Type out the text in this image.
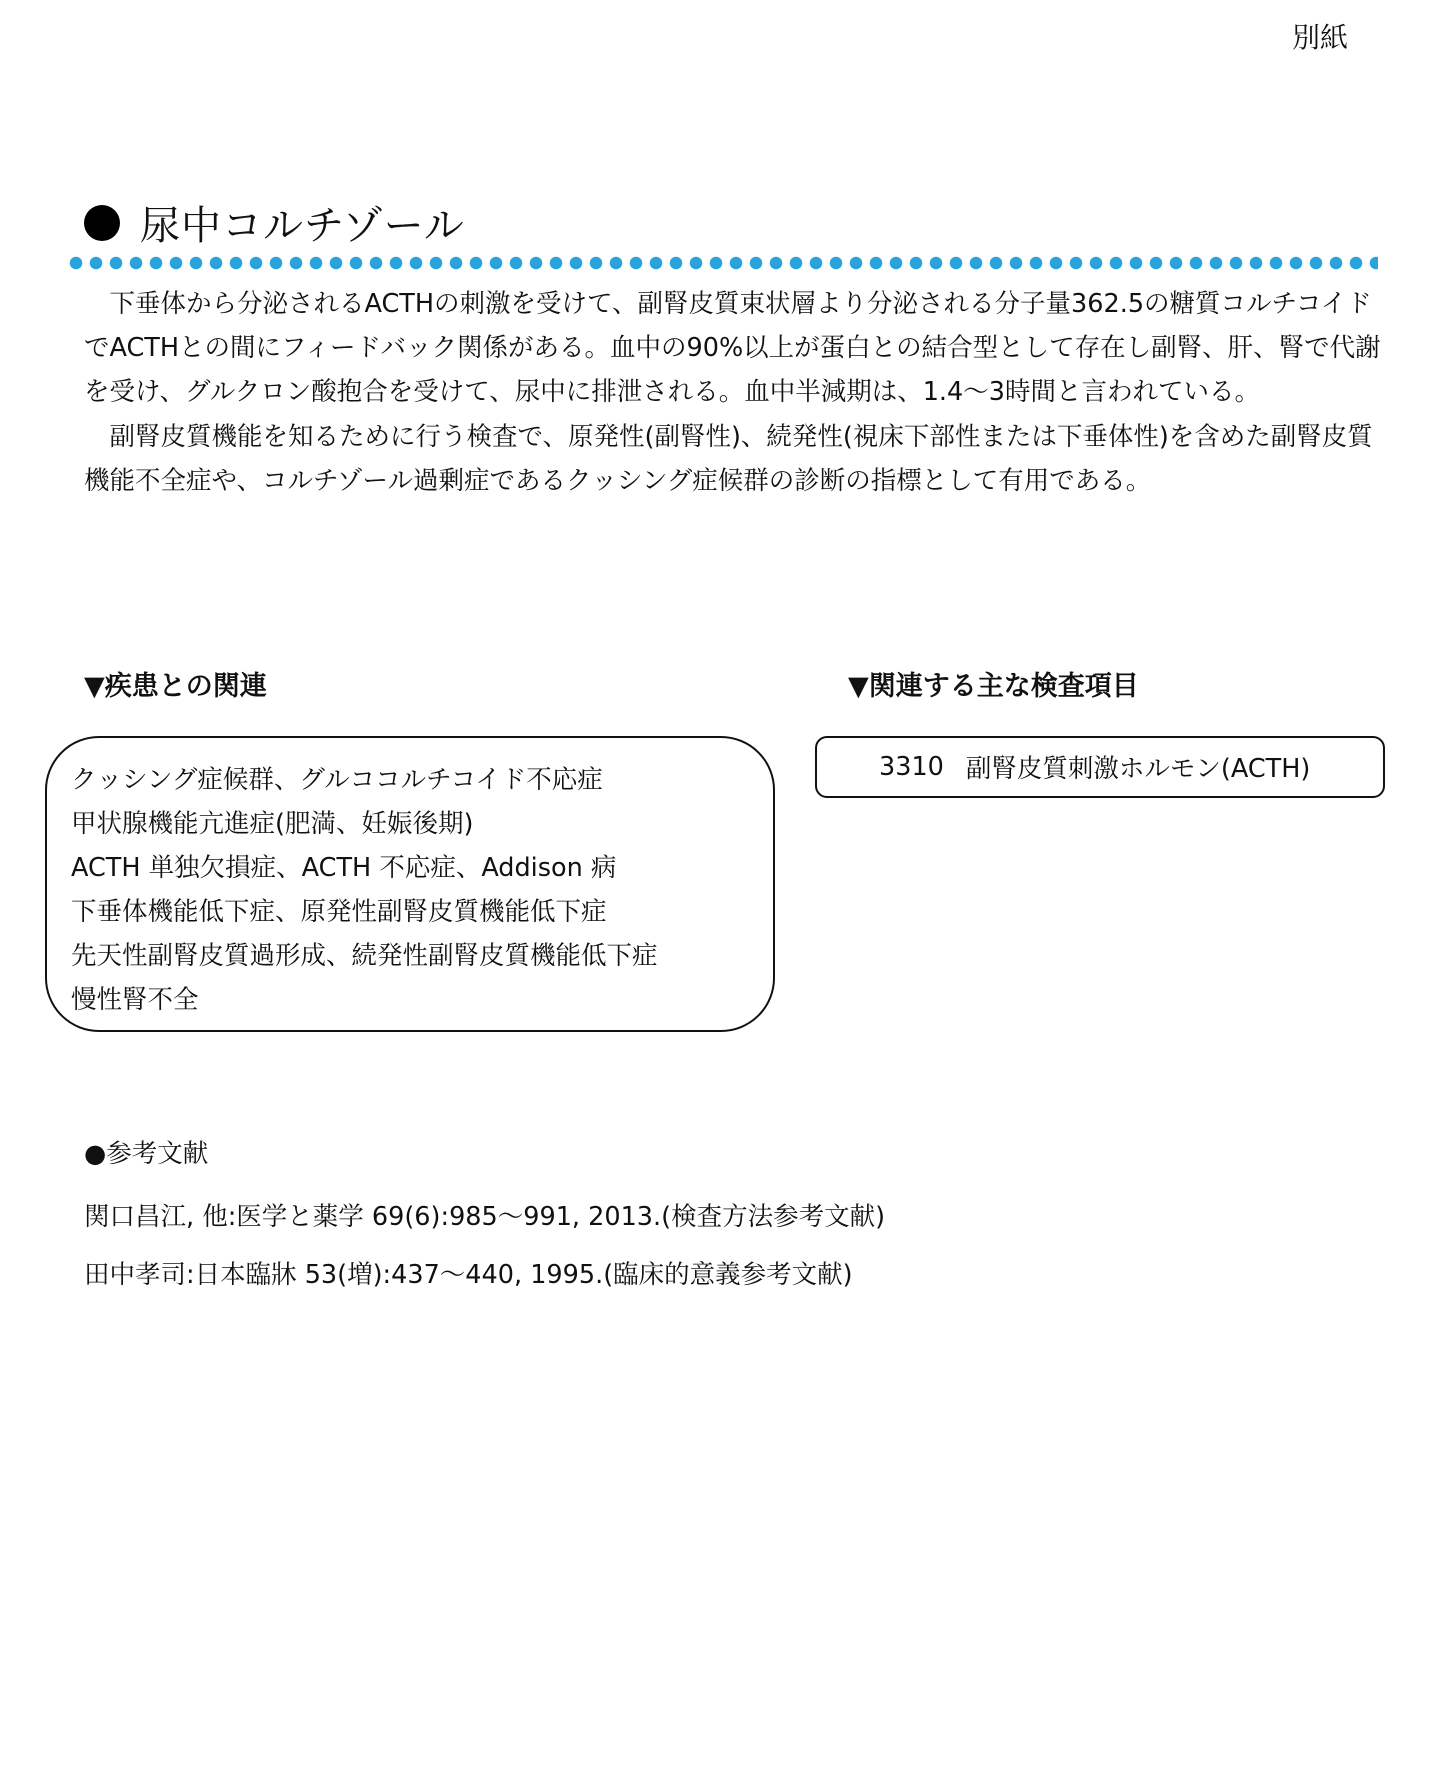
別紙
尿中コルチゾール

下垂体から分泌されるACTHの刺激を受けて、副腎皮質束状層より分泌される分子量362.5の糖質コルチコイドでACTHとの間にフィードバック関係がある。血中の90%以上が蛋白との結合型として存在し副腎、肝、腎で代謝を受け、グルクロン酸抱合を受けて、尿中に排泄される。血中半減期は、1.4～3時間と言われている。

副腎皮質機能を知るために行う検査で、原発性(副腎性)、続発性(視床下部性または下垂体性)を含めた副腎皮質機能不全症や、コルチゾール過剰症であるクッシング症候群の診断の指標として有用である。

▼疾患との関連	▼関連する主な検査項目
クッシング症候群、グルココルチコイド不応症
甲状腺機能亢進症(肥満、妊娠後期)
ACTH 単独欠損症、ACTH 不応症、Addison 病
下垂体機能低下症、原発性副腎皮質機能低下症
先天性副腎皮質過形成、続発性副腎皮質機能低下症
慢性腎不全
3310 副腎皮質刺激ホルモン(ACTH)
●参考文献
関口昌江, 他:医学と薬学 69(6):985～991, 2013.(検査方法参考文献)
田中孝司:日本臨牀 53(増):437～440, 1995.(臨床的意義参考文献)
